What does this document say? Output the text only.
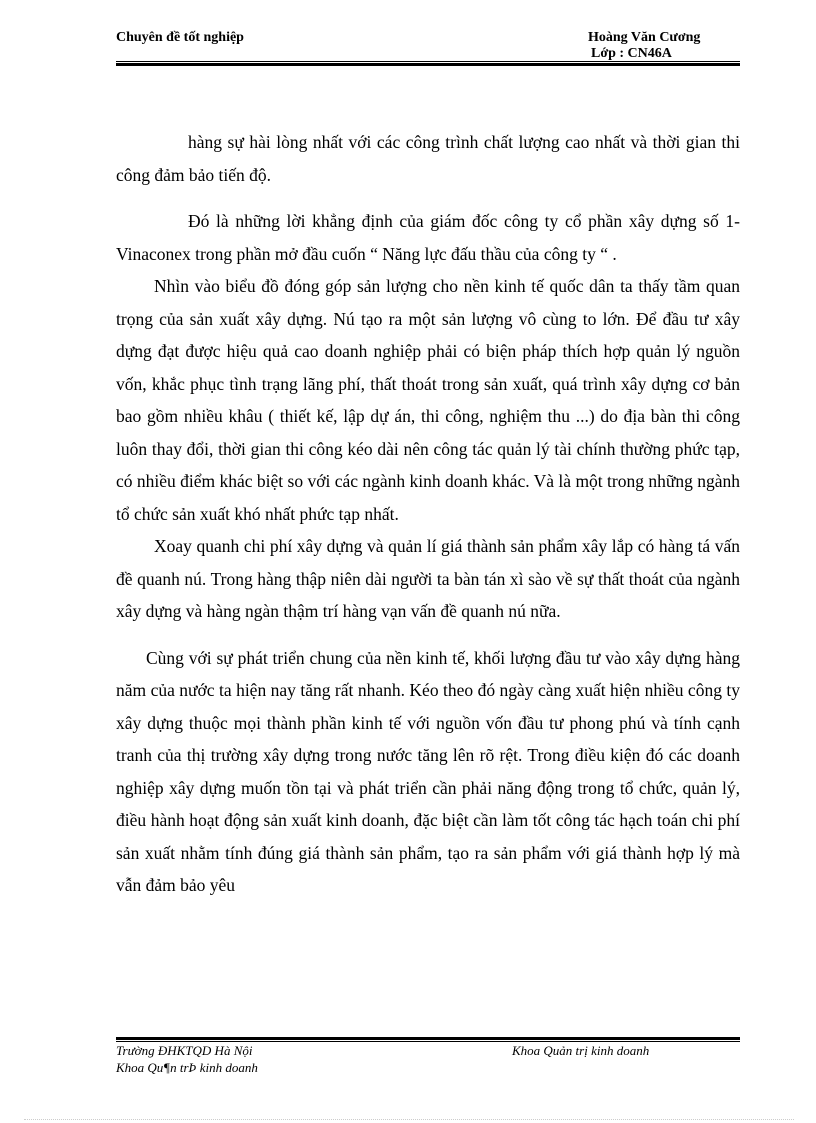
Chuyên đề tốt nghiệp	Hoàng Văn Cương
Lớp : CN46A

hàng sự hài lòng nhất với các công trình chất lượng cao nhất và thời gian thi công đảm bảo tiến độ.

Đó là những lời khẳng định của giám đốc công ty cổ phần xây dựng số 1- Vinaconex trong phần mở đầu cuốn “ Năng lực đấu thầu của công ty “ .

Nhìn vào biểu đồ đóng góp sản lượng cho nền kinh tế quốc dân ta thấy tầm quan trọng của sản xuất xây dựng. Nú tạo ra một sản lượng vô cùng to lớn. Để đầu tư xây dựng đạt được hiệu quả cao doanh nghiệp phải có biện pháp thích hợp quản lý nguồn vốn, khắc phục tình trạng lãng phí, thất thoát trong sản xuất, quá trình xây dựng cơ bản bao gồm nhiều khâu ( thiết kế, lập dự án, thi công, nghiệm thu ...) do địa bàn thi công luôn thay đổi, thời gian thi công kéo dài nên công tác quản lý tài chính thường phức tạp, có nhiều điểm khác biệt so với các ngành kinh doanh khác. Và là một trong những ngành tổ chức sản xuất khó nhất phức tạp nhất.

Xoay quanh chi phí xây dựng và quản lí giá thành sản phẩm xây lắp có hàng tá vấn đề quanh nú. Trong hàng thập niên dài người ta bàn tán xì sào về sự thất thoát của ngành xây dựng và hàng ngàn thậm trí hàng vạn vấn đề quanh nú nữa.

Cùng với sự phát triển chung của nền kinh tế, khối lượng đầu tư vào xây dựng hàng năm của nước ta hiện nay tăng rất nhanh. Kéo theo đó ngày càng xuất hiện nhiều công ty xây dựng thuộc mọi thành phần kinh tế với nguồn vốn đầu tư phong phú và tính cạnh tranh của thị trường xây dựng trong nước tăng lên rõ rệt. Trong điều kiện đó các doanh nghiệp xây dựng muốn tồn tại và phát triển cần phải năng động trong tổ chức, quản lý, điều hành hoạt động sản xuất kinh doanh, đặc biệt cần làm tốt công tác hạch toán chi phí sản xuất nhằm tính đúng giá thành sản phẩm, tạo ra sản phẩm với giá thành hợp lý mà vẫn đảm bảo yêu

Trường ĐHKTQD Hà Nội
Khoa Qu¶n trÞ kinh doanh
Khoa Quản trị kinh doanh
